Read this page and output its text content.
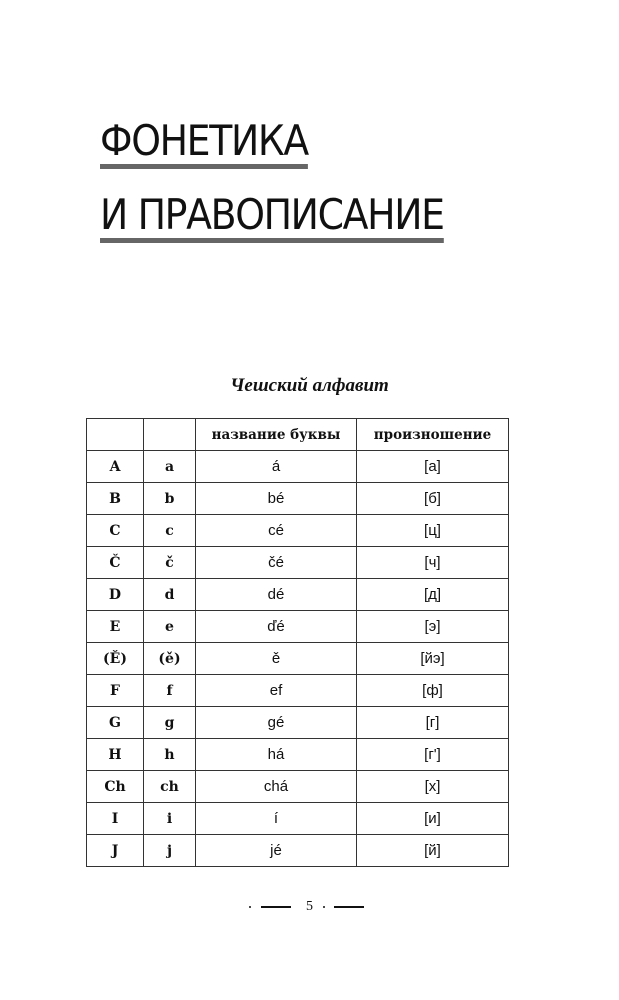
ФОНЕТИКА
И ПРАВОПИСАНИЕ
Чешский алфавит
		название буквы	произношение
A	a	á	[а]
B	b	bé	[б]
C	c	cé	[ц]
Č	č	čé	[ч]
D	d	dé	[д]
E	e	ďé	[э]
(Ě)	(ě)	ě	[йэ]
F	f	ef	[ф]
G	g	gé	[г]
H	h	há	[г']
Ch	ch	chá	[х]
I	i	í	[и]
J	j	jé	[й]
5
